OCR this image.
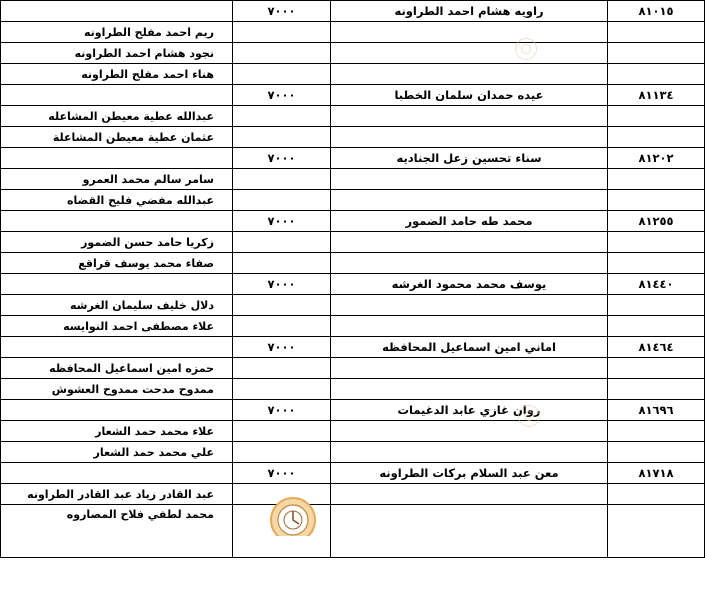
	٧٠٠٠	راويه هشام احمد الطراونه	٨١٠١٥
ريم احمد مفلح الطراونه			
نجود هشام احمد الطراونه			
هناء احمد مفلح الطراونه			
	٧٠٠٠	عيده حمدان سلمان الخطبا	٨١١٣٤
عبدالله عطية معيطن المشاعله			
عثمان عطية معيطن المشاعلة			
	٧٠٠٠	سناء تحسين زعل الجناديه	٨١٢٠٢
سامر سالم محمد العمرو			
عبدالله مفضي فليح القضاه			
	٧٠٠٠	محمد طه حامد الضمور	٨١٢٥٥
زكريا حامد حسن الضمور			
صفاء محمد يوسف قراقع			
	٧٠٠٠	يوسف محمد محمود الغرشه	٨١٤٤٠
دلال خليف سليمان الغرشه			
علاء مصطفى احمد النوايسه			
	٧٠٠٠	اماني امين اسماعيل المحافظه	٨١٤٦٤
حمزه امين اسماعيل المحافظه			
ممدوح مدحت ممدوح العشوش			
	٧٠٠٠	روان غازي عابد الدغيمات	٨١٦٩٦
علاء محمد حمد الشعار			
علي محمد حمد الشعار			
	٧٠٠٠	معن عبد السلام بركات الطراونه	٨١٧١٨
عبد القادر زياد عبد القادر الطراونه			
محمد لطفي فلاح المصاروه			
